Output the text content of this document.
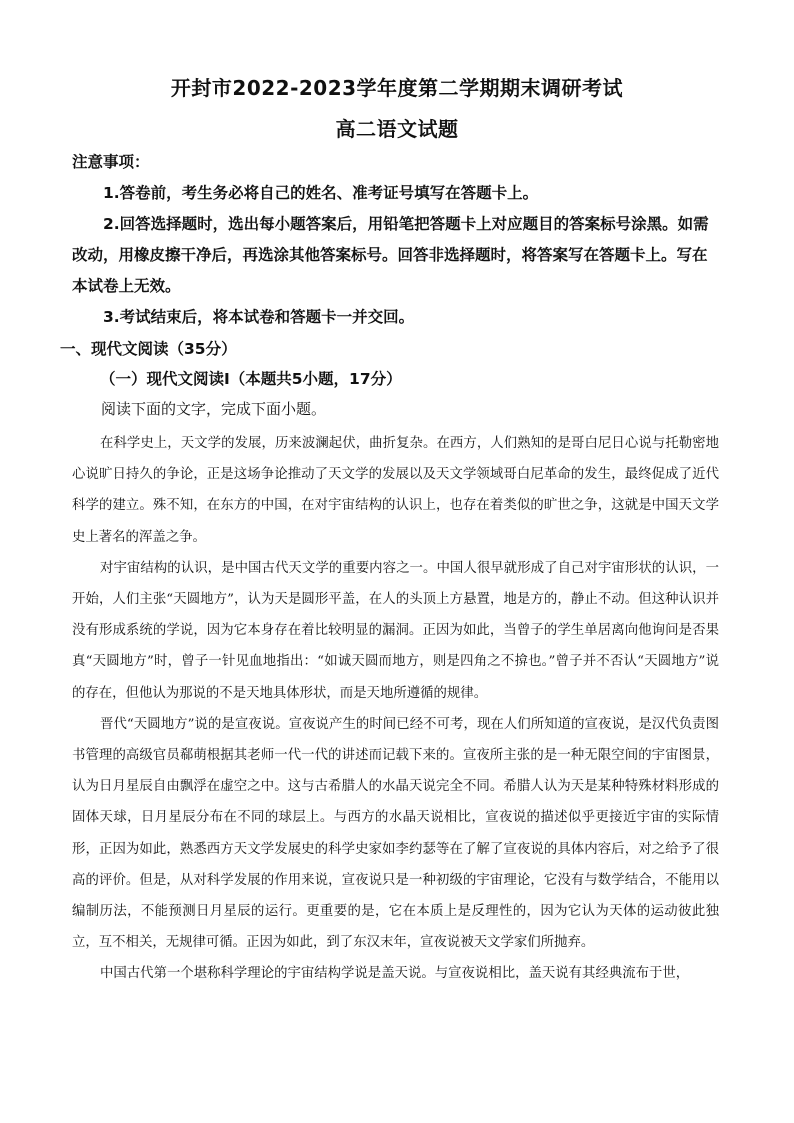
开封市2022-2023学年度第二学期期末调研考试
高二语文试题

注意事项：

1.答卷前，考生务必将自己的姓名、准考证号填写在答题卡上。

2.回答选择题时，选出每小题答案后，用铅笔把答题卡上对应题目的答案标号涂黑。如需改动，用橡皮擦干净后，再选涂其他答案标号。回答非选择题时，将答案写在答题卡上。写在本试卷上无效。

3.考试结束后，将本试卷和答题卡一并交回。

一、现代文阅读（35分）
（一）现代文阅读Ⅰ（本题共5小题，17分）
阅读下面的文字，完成下面小题。

在科学史上，天文学的发展，历来波澜起伏，曲折复杂。在西方，人们熟知的是哥白尼日心说与托勒密地心说旷日持久的争论，正是这场争论推动了天文学的发展以及天文学领域哥白尼革命的发生，最终促成了近代科学的建立。殊不知，在东方的中国，在对宇宙结构的认识上，也存在着类似的旷世之争，这就是中国天文学史上著名的浑盖之争。

对宇宙结构的认识，是中国古代天文学的重要内容之一。中国人很早就形成了自己对宇宙形状的认识，一开始，人们主张“天圆地方”，认为天是圆形平盖，在人的头顶上方悬置，地是方的，静止不动。但这种认识并没有形成系统的学说，因为它本身存在着比较明显的漏洞。正因为如此，当曾子的学生单居离向他询问是否果真“天圆地方”时，曾子一针见血地指出：“如诚天圆而地方，则是四角之不揜也。”曾子并不否认“天圆地方”说的存在，但他认为那说的不是天地具体形状，而是天地所遵循的规律。

晋代“天圆地方”说的是宣夜说。宣夜说产生的时间已经不可考，现在人们所知道的宣夜说，是汉代负责图书管理的高级官员郗萌根据其老师一代一代的讲述而记载下来的。宣夜所主张的是一种无限空间的宇宙图景，认为日月星辰自由飘浮在虚空之中。这与古希腊人的水晶天说完全不同。希腊人认为天是某种特殊材料形成的固体天球，日月星辰分布在不同的球层上。与西方的水晶天说相比，宣夜说的描述似乎更接近宇宙的实际情形，正因为如此，熟悉西方天文学发展史的科学史家如李约瑟等在了解了宣夜说的具体内容后，对之给予了很高的评价。但是，从对科学发展的作用来说，宣夜说只是一种初级的宇宙理论，它没有与数学结合，不能用以编制历法，不能预测日月星辰的运行。更重要的是，它在本质上是反理性的，因为它认为天体的运动彼此独立，互不相关，无规律可循。正因为如此，到了东汉末年，宣夜说被天文学家们所抛弃。

中国古代第一个堪称科学理论的宇宙结构学说是盖天说。与宣夜说相比，盖天说有其经典流布于世，
